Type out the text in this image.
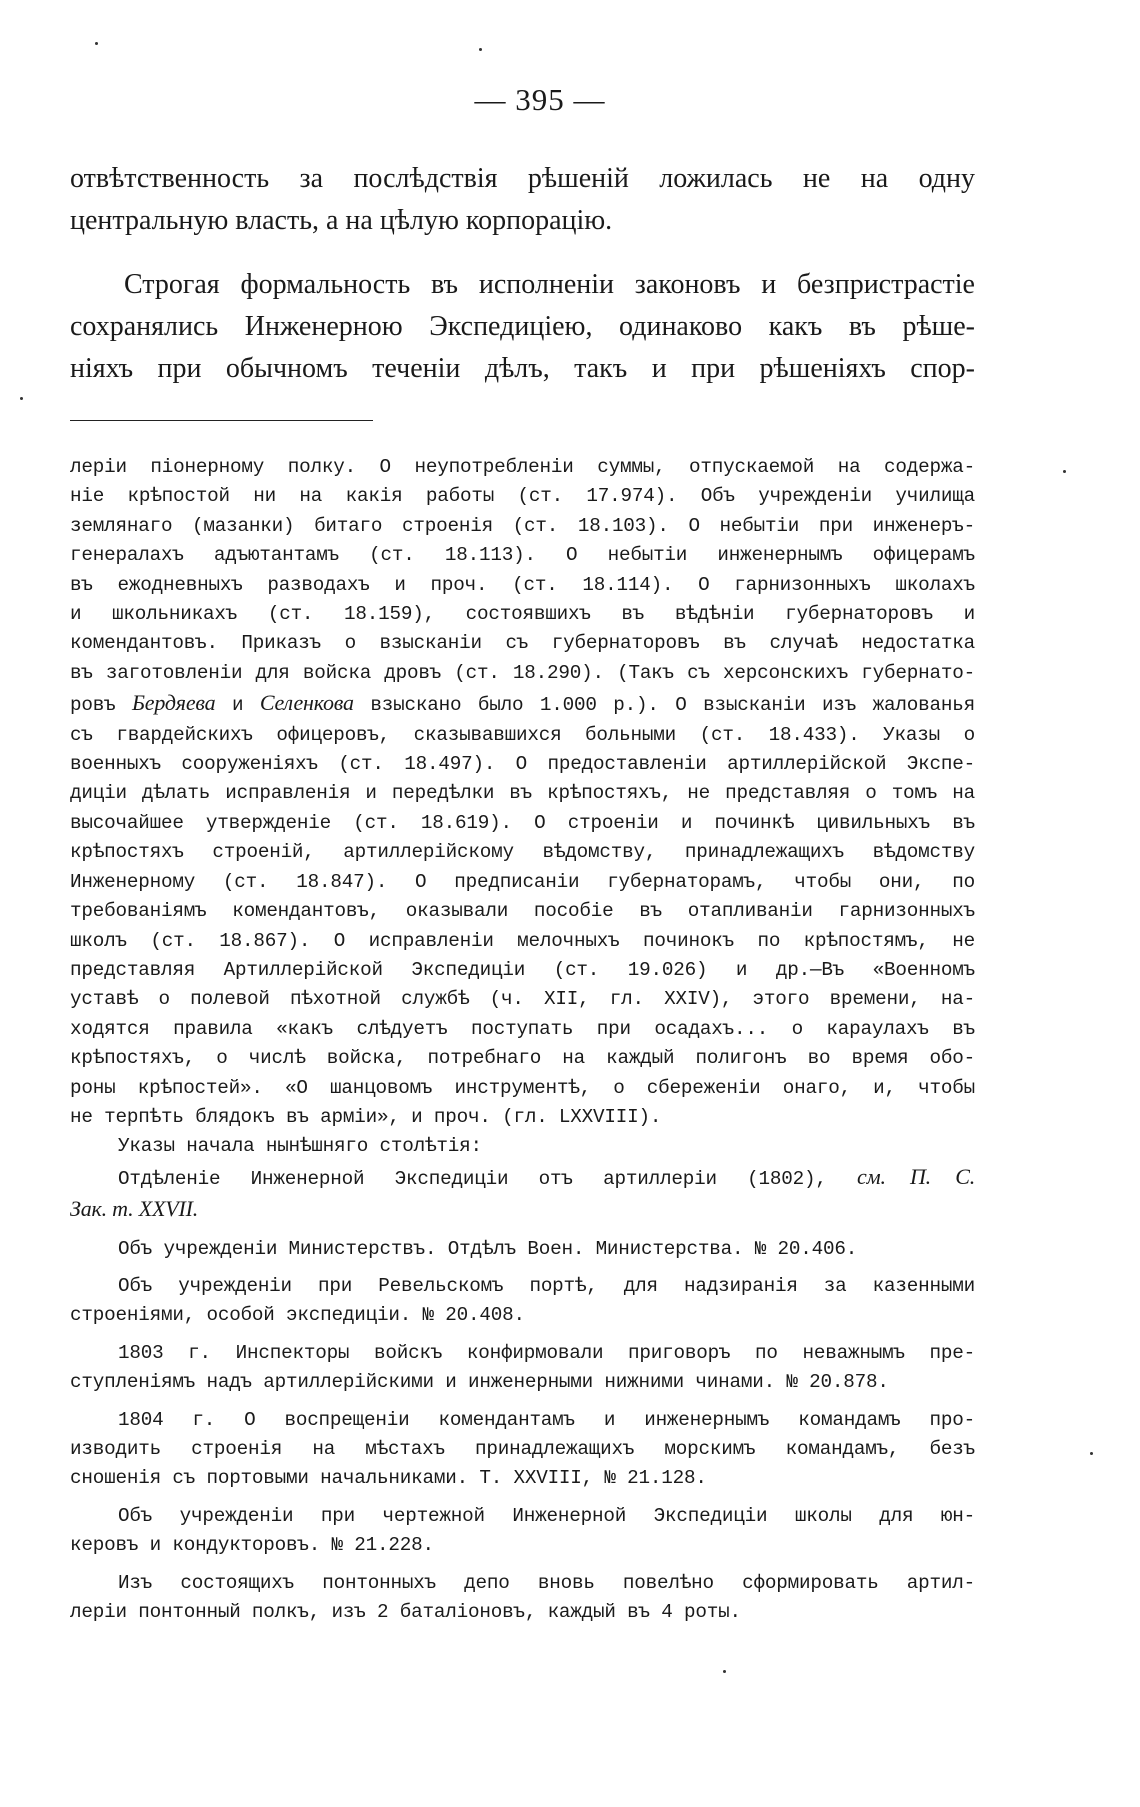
— 395 —
отвѣтственность за послѣдствія рѣшеній ложилась не на одну
центральную власть, а на цѣлую корпорацію.
Строгая формальность въ исполненіи законовъ и безпристрастіе
сохранялись Инженерною Экспедиціею, одинаково какъ въ рѣше-
ніяхъ при обычномъ теченіи дѣлъ, такъ и при рѣшеніяхъ спор-
леріи піонерному полку. О неупотребленіи суммы, отпускаемой на содержа-
ніе крѣпостой ни на какія работы (ст. 17.974). Объ учрежденіи училища
землянаго (мазанки) битаго строенія (ст. 18.103). О небытіи при инженеръ-
генералахъ адъютантамъ (ст. 18.113). О небытіи инженернымъ офицерамъ
въ ежодневныхъ разводахъ и проч. (ст. 18.114). О гарнизонныхъ школахъ
и школьникахъ (ст. 18.159), состоявшихъ въ вѣдѣніи губернаторовъ и
комендантовъ. Приказъ о взысканіи съ губернаторовъ въ случаѣ недостатка
въ заготовленіи для войска дровъ (ст. 18.290). (Такъ съ херсонскихъ губернато-
ровъ Бердяева и Селенкова взыскано было 1.000 р.). О взысканіи изъ жалованья
съ гвардейскихъ офицеровъ, сказывавшихся больными (ст. 18.433). Указы о
военныхъ сооруженіяхъ (ст. 18.497). О предоставленіи артиллерійской Экспе-
диціи дѣлать исправленія и передѣлки въ крѣпостяхъ, не представляя о томъ на
высочайшее утвержденіе (ст. 18.619). О строеніи и починкѣ цивильныхъ въ
крѣпостяхъ строеній, артиллерійскому вѣдомству, принадлежащихъ вѣдомству
Инженерному (ст. 18.847). О предписаніи губернаторамъ, чтобы они, по
требованіямъ комендантовъ, оказывали пособіе въ отапливаніи гарнизонныхъ
школъ (ст. 18.867). О исправленіи мелочныхъ починокъ по крѣпостямъ, не
представляя Артиллерійской Экспедиціи (ст. 19.026) и др.—Въ «Военномъ
уставѣ о полевой пѣхотной службѣ (ч. XII, гл. XXIV), этого времени, на-
ходятся правила «какъ слѣдуетъ поступать при осадахъ... о караулахъ въ
крѣпостяхъ, о числѣ войска, потребнаго на каждый полигонъ во время обо-
роны крѣпостей». «О шанцовомъ инструментѣ, о сбереженіи онаго, и, чтобы
не терпѣть блядокъ въ арміи», и проч. (гл. LXXVIII).
Указы начала нынѣшняго столѣтія:
Отдѣленіе Инженерной Экспедиціи отъ артиллеріи (1802), см. П. С.
Зак. т. XXVII.
Объ учрежденіи Министерствъ. Отдѣлъ Воен. Министерства. № 20.406.
Объ учрежденіи при Ревельскомъ портѣ, для надзиранія за казенными
строеніями, особой экспедиціи. № 20.408.
1803 г. Инспекторы войскъ конфирмовали приговоръ по неважнымъ пре-
ступленіямъ надъ артиллерійскими и инженерными нижними чинами. № 20.878.
1804 г. О воспрещеніи комендантамъ и инженернымъ командамъ про-
изводить строенія на мѣстахъ принадлежащихъ морскимъ командамъ, безъ
сношенія съ портовыми начальниками. Т. XXVIII, № 21.128.
Объ учрежденіи при чертежной Инженерной Экспедиціи школы для юн-
керовъ и кондукторовъ. № 21.228.
Изъ состоящихъ понтонныхъ депо вновь повелѣно сформировать артил-
леріи понтонный полкъ, изъ 2 баталіоновъ, каждый въ 4 роты.
